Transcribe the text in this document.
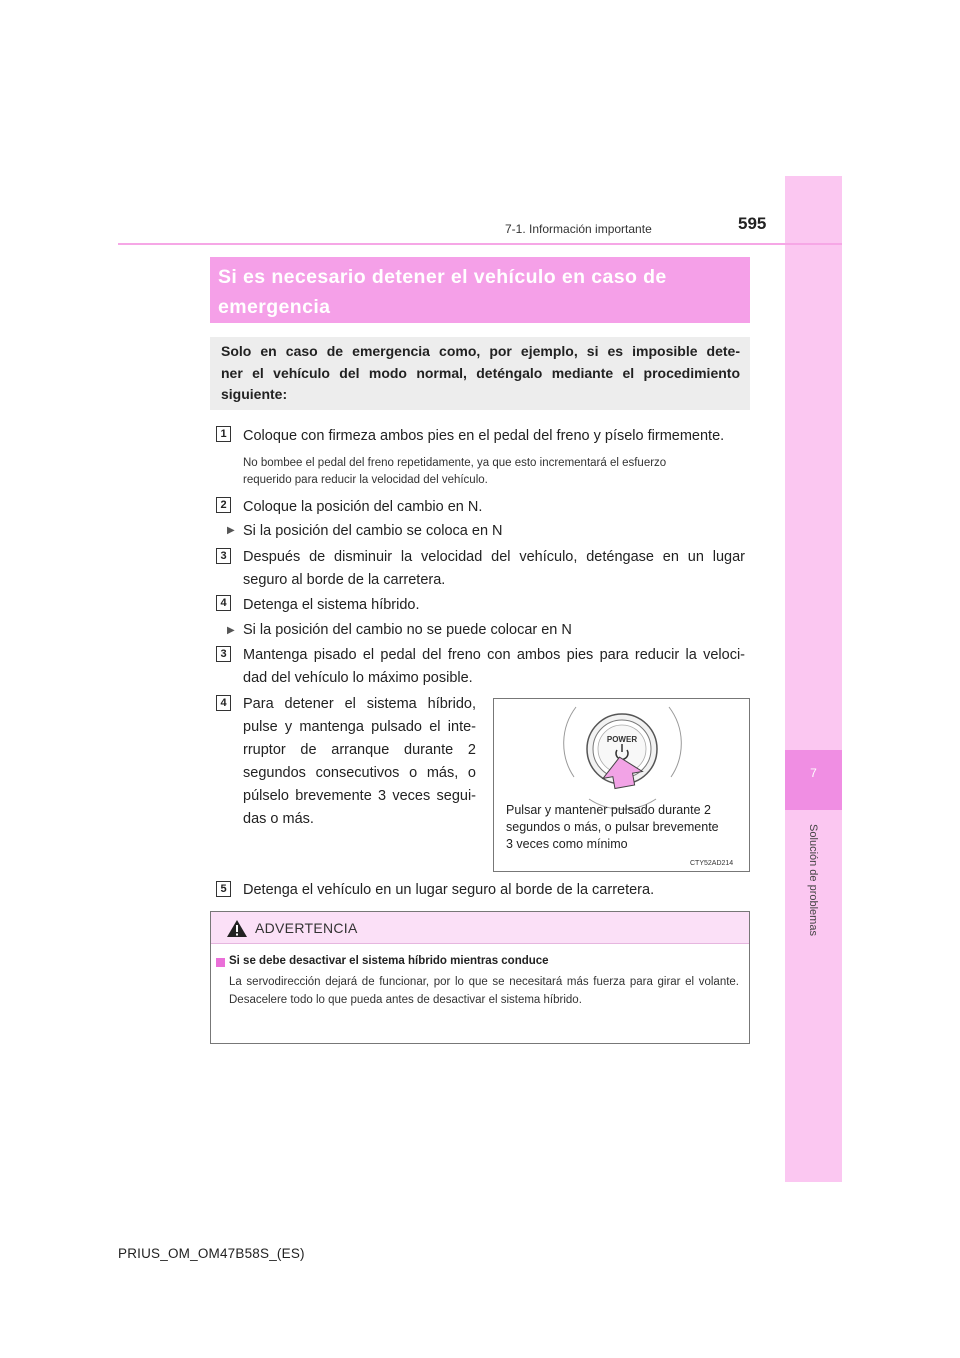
7
Solución de problemas
7-1. Información importante	595
Si es necesario detener el vehículo en caso de
emergencia
Solo en caso de emergencia como, por ejemplo, si es imposible dete-
ner el vehículo del modo normal, deténgalo mediante el procedimiento
siguiente:
1	Coloque con firmeza ambos pies en el pedal del freno y píselo firmemente.
No bombee el pedal del freno repetidamente, ya que esto incrementará el esfuerzo
requerido para reducir la velocidad del vehículo.
2	Coloque la posición del cambio en N.
▶ Si la posición del cambio se coloca en N
3	Después de disminuir la velocidad del vehículo, deténgase en un lugar
seguro al borde de la carretera.
4	Detenga el sistema híbrido.
▶ Si la posición del cambio no se puede colocar en N
3	Mantenga pisado el pedal del freno con ambos pies para reducir la veloci-
dad del vehículo lo máximo posible.
4	Para detener el sistema híbrido,
pulse y mantenga pulsado el inte-
rruptor de arranque durante 2
segundos consecutivos o más, o
púlselo brevemente 3 veces segui-
das o más.
POWER
Pulsar y mantener pulsado durante 2
segundos o más, o pulsar brevemente
3 veces como mínimo
CTY52AD214
5	Detenga el vehículo en un lugar seguro al borde de la carretera.
ADVERTENCIA
Si se debe desactivar el sistema híbrido mientras conduce
La servodirección dejará de funcionar, por lo que se necesitará más fuerza para girar el volante. Desacelere todo lo que pueda antes de desactivar el sistema híbrido.
PRIUS_OM_OM47B58S_(ES)
